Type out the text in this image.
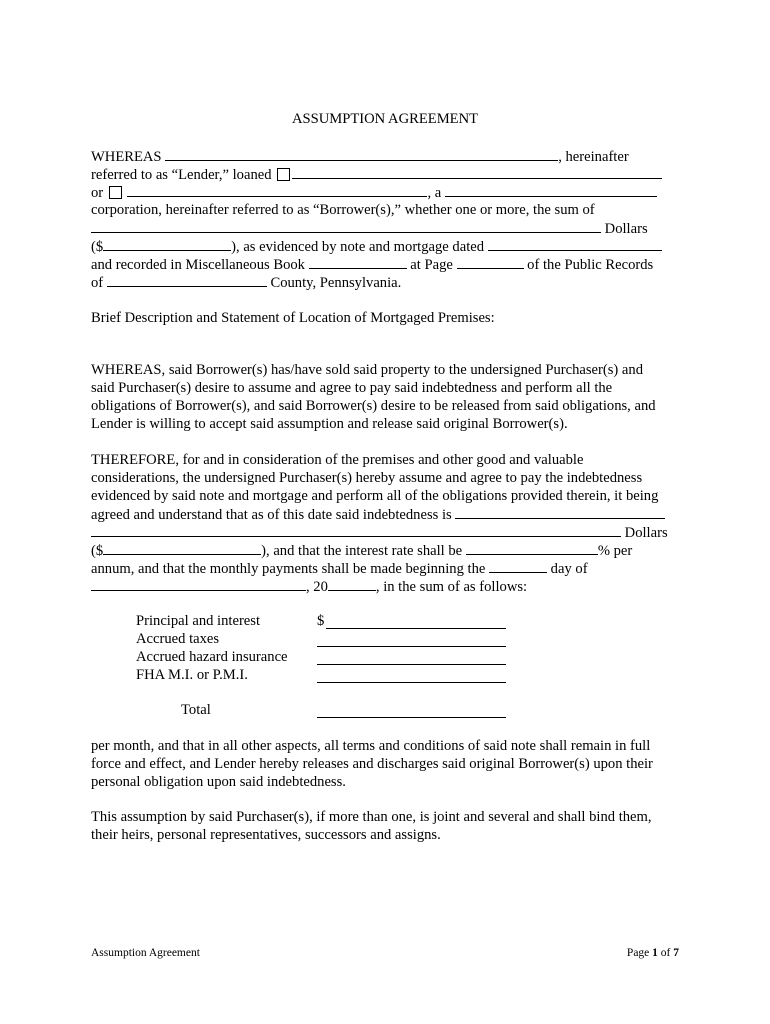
ASSUMPTION AGREEMENT
WHEREAS	, hereinafter
referred to as “Lender,” loaned
or	, a
corporation, hereinafter referred to as “Borrower(s),” whether one or more, the sum of
Dollars
($	), as evidenced by note and mortgage dated
and recorded in Miscellaneous Book	at Page	of the Public Records
of	County, Pennsylvania.
Brief Description and Statement of Location of Mortgaged Premises:
WHEREAS, said Borrower(s) has/have sold said property to the undersigned Purchaser(s) and
said Purchaser(s) desire to assume and agree to pay said indebtedness and perform all the
obligations of Borrower(s), and said Borrower(s) desire to be released from said obligations, and
Lender is willing to accept said assumption and release said original Borrower(s).
THEREFORE, for and in consideration of the premises and other good and valuable
considerations, the undersigned Purchaser(s) hereby assume and agree to pay the indebtedness
evidenced by said note and mortgage and perform all of the obligations provided therein, it being
agreed and understand that as of this date said indebtedness is
Dollars
($	), and that the interest rate shall be	% per
annum, and that the monthly payments shall be made beginning the	day of
, 20	, in the sum of as follows:
Principal and interest	$
Accrued taxes
Accrued hazard insurance
FHA M.I. or P.M.I.
Total
per month, and that in all other aspects, all terms and conditions of said note shall remain in full
force and effect, and Lender hereby releases and discharges said original Borrower(s) upon their
personal obligation upon said indebtedness.
This assumption by said Purchaser(s), if more than one, is joint and several and shall bind them,
their heirs, personal representatives, successors and assigns.
Assumption Agreement	Page 1 of 7
